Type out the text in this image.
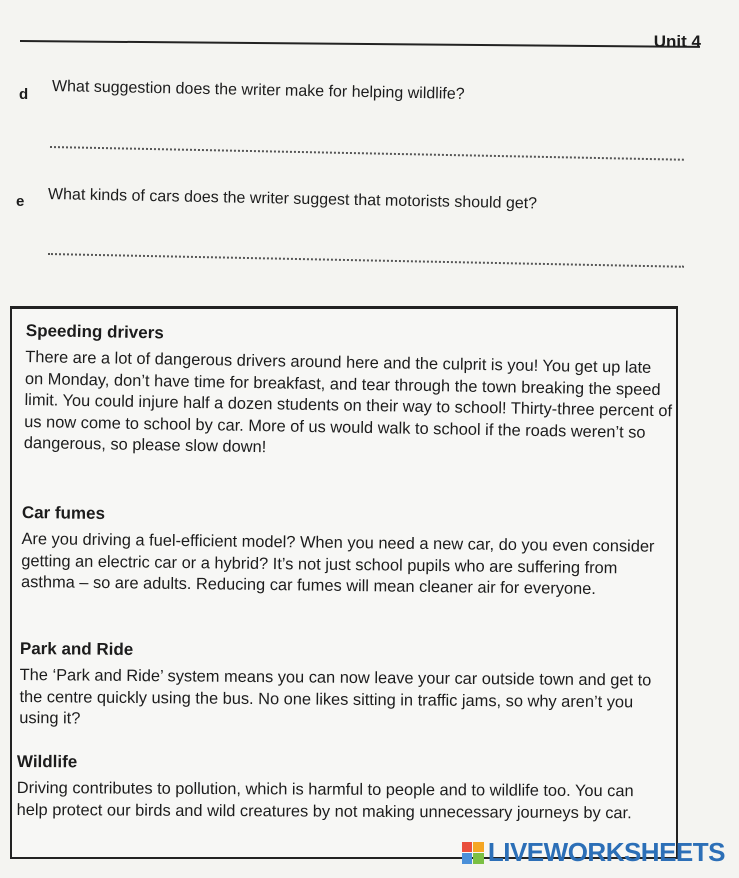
Unit 4
d What suggestion does the writer make for helping wildlife?
e What kinds of cars does the writer suggest that motorists should get?
Speeding drivers

There are a lot of dangerous drivers around here and the culprit is you! You get up late on Monday, don’t have time for breakfast, and tear through the town breaking the speed limit. You could injure half a dozen students on their way to school! Thirty-three percent of us now come to school by car. More of us would walk to school if the roads weren’t so dangerous, so please slow down!

Car fumes

Are you driving a fuel-efficient model? When you need a new car, do you even consider getting an electric car or a hybrid? It’s not just school pupils who are suffering from asthma – so are adults. Reducing car fumes will mean cleaner air for everyone.

Park and Ride

The ‘Park and Ride’ system means you can now leave your car outside town and get to the centre quickly using the bus. No one likes sitting in traffic jams, so why aren’t you using it?

Wildlife

Driving contributes to pollution, which is harmful to people and to wildlife too. You can help protect our birds and wild creatures by not making unnecessary journeys by car.

LIVEWORKSHEETS
